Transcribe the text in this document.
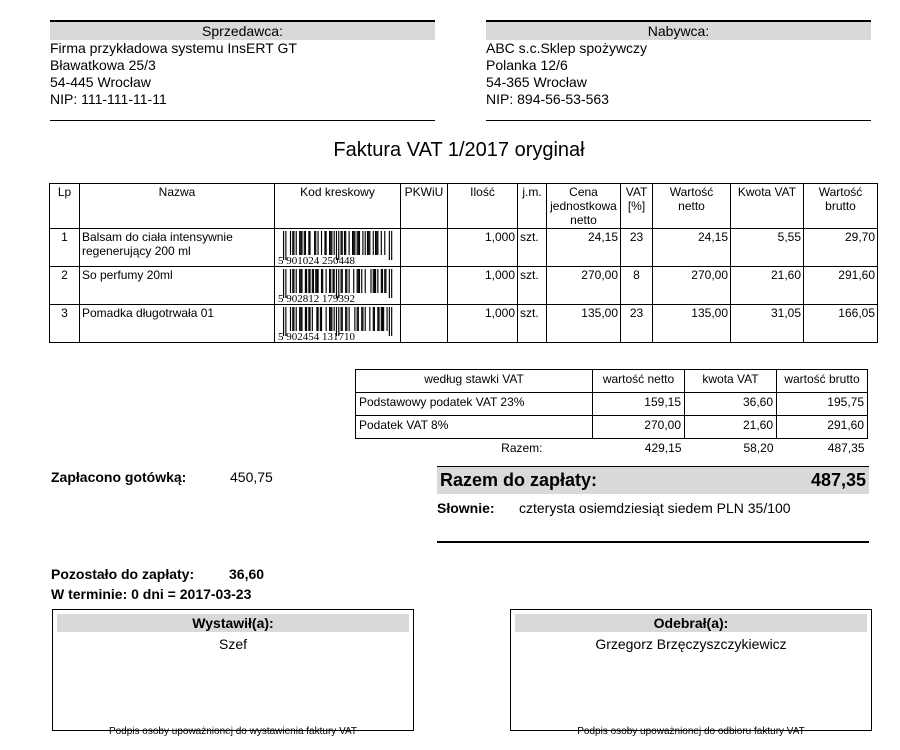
Sprzedawca:
Firma przykładowa systemu InsERT GT
Bławatkowa 25/3
54-445 Wrocław
NIP: 111-111-11-11
Nabywca:
ABC s.c.Sklep spożywczy
Polanka 12/6
54-365 Wrocław
NIP: 894-56-53-563
Faktura VAT 1/2017 oryginał
Lp	Nazwa	Kod kreskowy	PKWiU	Ilość	j.m.	Cena jednostkowa netto	VAT [%]	Wartość netto	Kwota VAT	Wartość brutto
1	Balsam do ciała intensywnie regenerujący 200 ml	5 901024 250448		1,000	szt.	24,15	23	24,15	5,55	29,70
2	So perfumy 20ml	5 902812 179392		1,000	szt.	270,00	8	270,00	21,60	291,60
3	Pomadka długotrwała 01	5 902454 131710		1,000	szt.	135,00	23	135,00	31,05	166,05
według stawki VAT	wartość netto	kwota VAT	wartość brutto
Podstawowy podatek VAT 23%	159,15	36,60	195,75
Podatek VAT 8%	270,00	21,60	291,60
Razem:	429,15	58,20	487,35
Zapłacono gotówką:	450,75	Razem do zapłaty:	487,35
Słownie: czterysta osiemdziesiąt siedem PLN 35/100
Pozostało do zapłaty: 36,60
W terminie: 0 dni = 2017-03-23
Wystawił(a):
Szef
Podpis osoby upoważnionej do wystawienia faktury VAT
Odebrał(a):
Grzegorz Brzęczyszczykiewicz
Podpis osoby upoważnionej do odbioru faktury VAT
